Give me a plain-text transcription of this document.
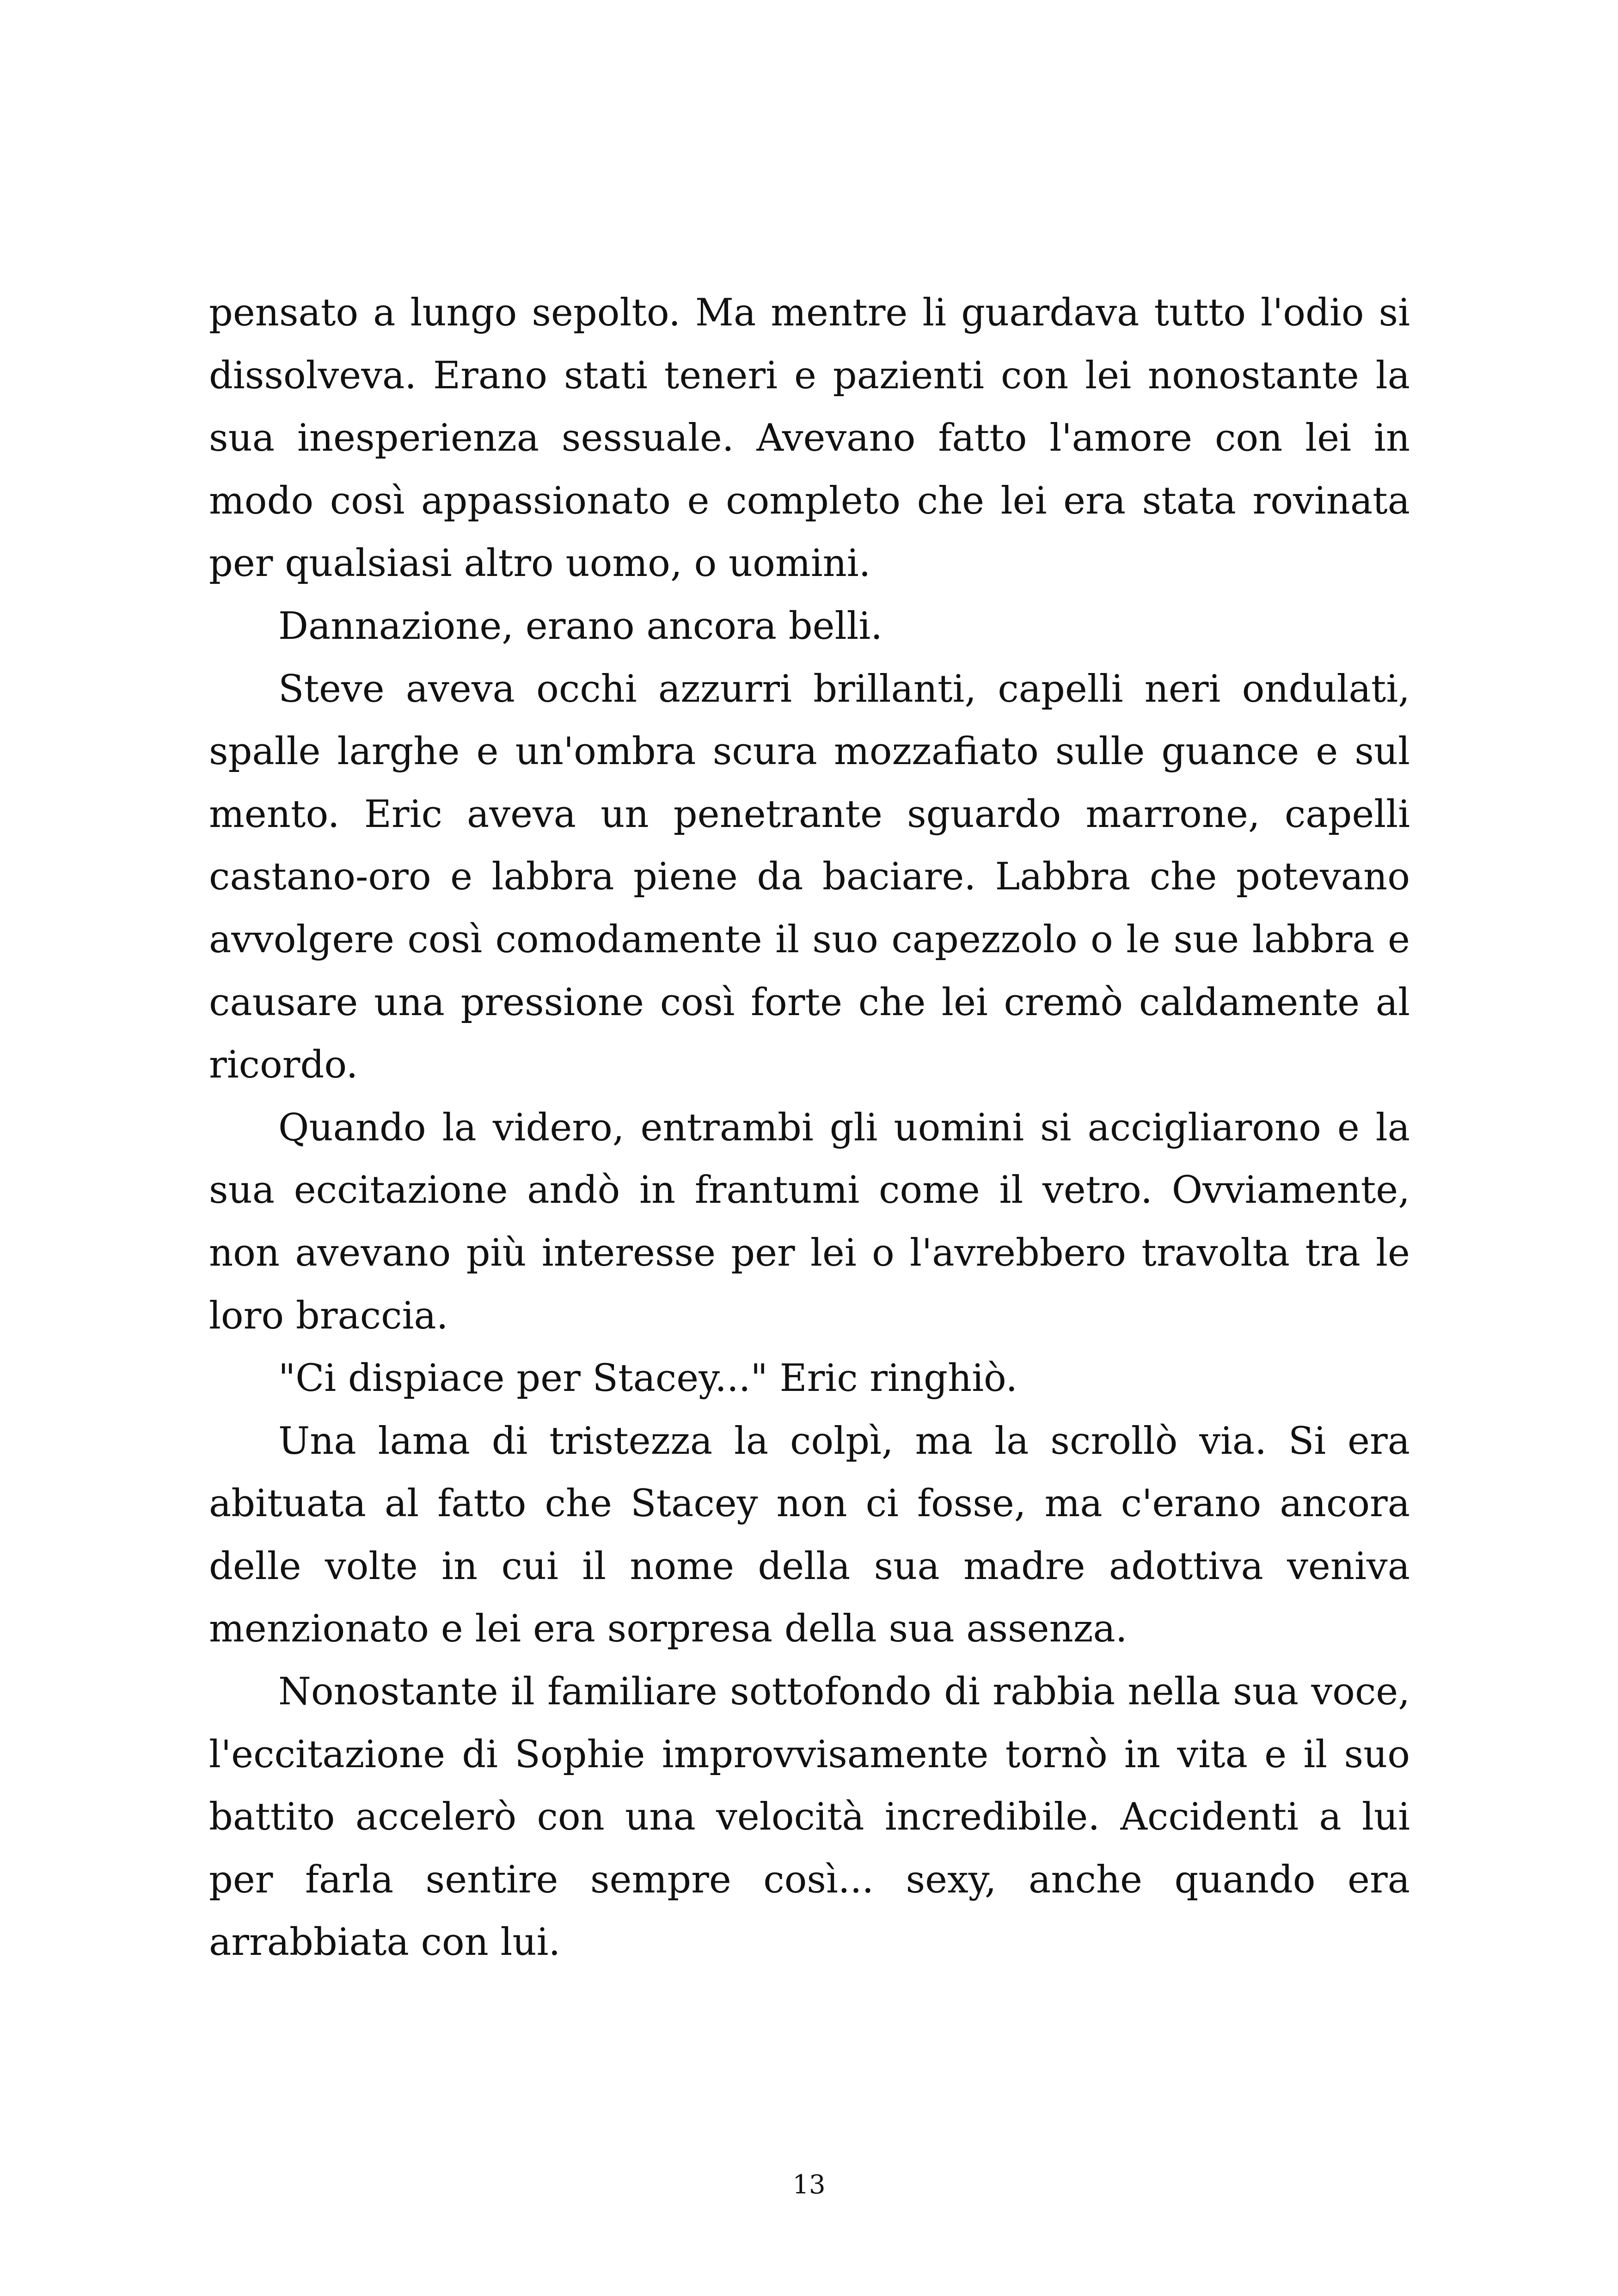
pensato a lungo sepolto. Ma mentre li guardava tutto l'odio si dissolveva. Erano stati teneri e pazienti con lei nonostante la sua inesperienza sessuale. Avevano fatto l'amore con lei in modo così appassionato e completo che lei era stata rovinata per qualsiasi altro uomo, o uomini.

Dannazione, erano ancora belli.

Steve aveva occhi azzurri brillanti, capelli neri ondulati, spalle larghe e un'ombra scura mozzafiato sulle guance e sul mento. Eric aveva un penetrante sguardo marrone, capelli castano-oro e labbra piene da baciare. Labbra che potevano avvolgere così comodamente il suo capezzolo o le sue labbra e causare una pressione così forte che lei cremò caldamente al ricordo.

Quando la videro, entrambi gli uomini si accigliarono e la sua eccitazione andò in frantumi come il vetro. Ovviamente, non avevano più interesse per lei o l'avrebbero travolta tra le loro braccia.

"Ci dispiace per Stacey..." Eric ringhiò.

Una lama di tristezza la colpì, ma la scrollò via. Si era abituata al fatto che Stacey non ci fosse, ma c'erano ancora delle volte in cui il nome della sua madre adottiva veniva menzionato e lei era sorpresa della sua assenza.

Nonostante il familiare sottofondo di rabbia nella sua voce, l'eccitazione di Sophie improvvisamente tornò in vita e il suo battito accelerò con una velocità incredibile. Accidenti a lui per farla sentire sempre così... sexy, anche quando era arrabbiata con lui.

13
